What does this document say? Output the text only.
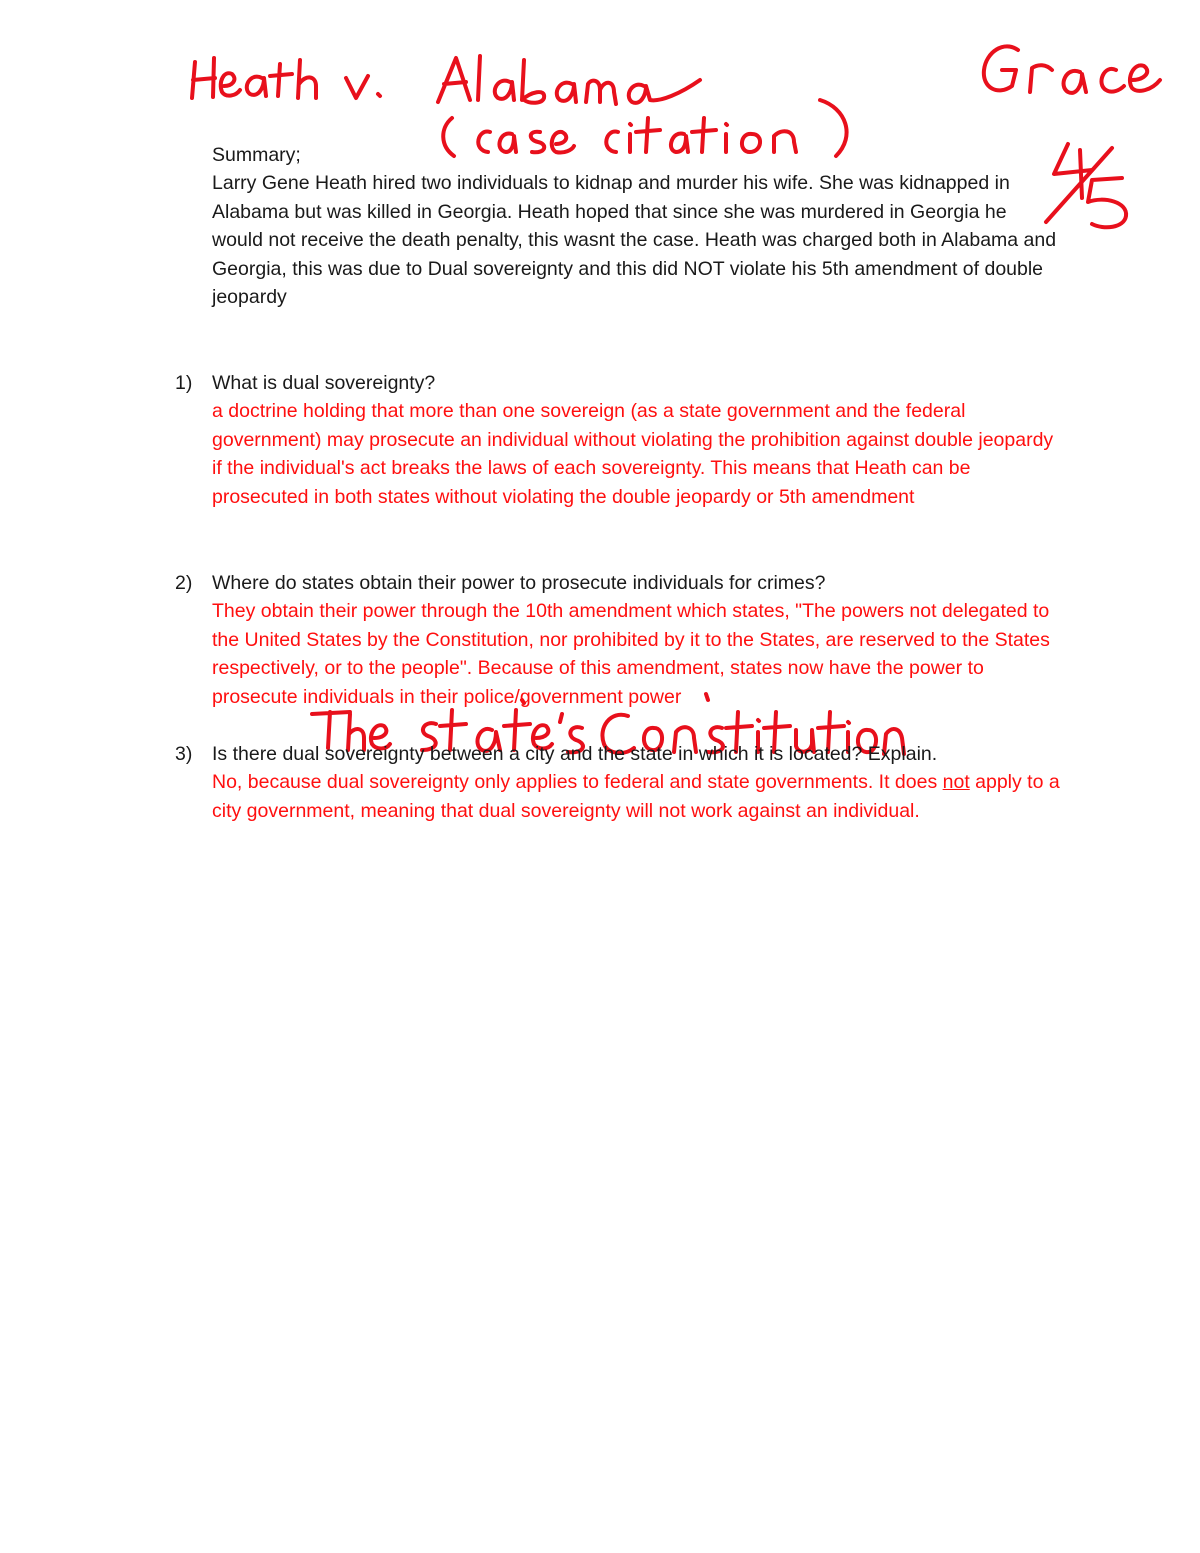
Summary;
Larry Gene Heath hired two individuals to kidnap and murder his wife. She was kidnapped in Alabama but was killed in Georgia. Heath hoped that since she was murdered in Georgia he would not receive the death penalty, this wasnt the case. Heath was charged both in Alabama and Georgia, this was due to Dual sovereignty and this did NOT violate his 5th amendment of double jeopardy
1) What is dual sovereignty?
a doctrine holding that more than one sovereign (as a state government and the federal government) may prosecute an individual without violating the prohibition against double jeopardy if the individual's act breaks the laws of each sovereignty. This means that Heath can be prosecuted in both states without violating the double jeopardy or 5th amendment
2) Where do states obtain their power to prosecute individuals for crimes?
They obtain their power through the 10th amendment which states, "The powers not delegated to the United States by the Constitution, nor prohibited by it to the States, are reserved to the States respectively, or to the people". Because of this amendment, states now have the power to prosecute individuals in their police/government power
3) Is there dual sovereignty between a city and the state in which it is located? Explain.
No, because dual sovereignty only applies to federal and state governments. It does not apply to a city government, meaning that dual sovereignty will not work against an individual.
